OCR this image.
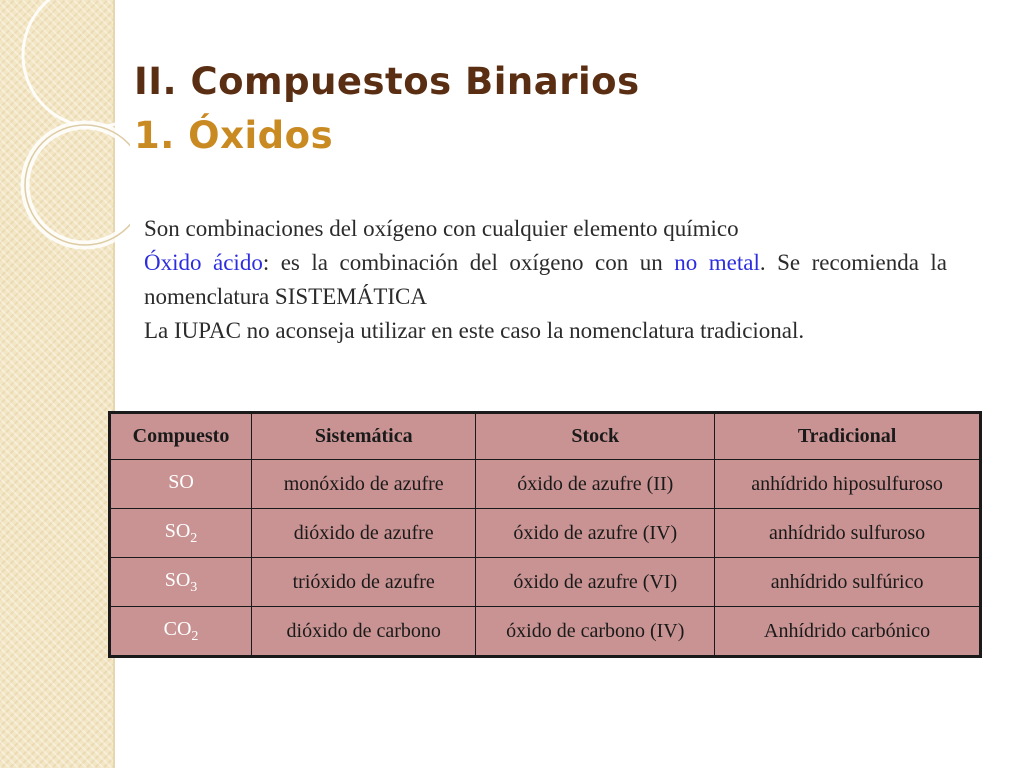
II. Compuestos Binarios
1. Óxidos

Son combinaciones del oxígeno con cualquier elemento químico

Óxido ácido: es la combinación del oxígeno con un no metal. Se recomienda la nomenclatura SISTEMÁTICA

La IUPAC no aconseja utilizar en este caso la nomenclatura tradicional.

Compuesto	Sistemática	Stock	Tradicional
SO	monóxido de azufre	óxido de azufre (II)	anhídrido hiposulfuroso
$SO_2$	dióxido de azufre	óxido de azufre (IV)	anhídrido sulfuroso
$SO_3$	trióxido de azufre	óxido de azufre (VI)	anhídrido sulfúrico
$CO_2$	dióxido de carbono	óxido de carbono (IV)	Anhídrido carbónico
